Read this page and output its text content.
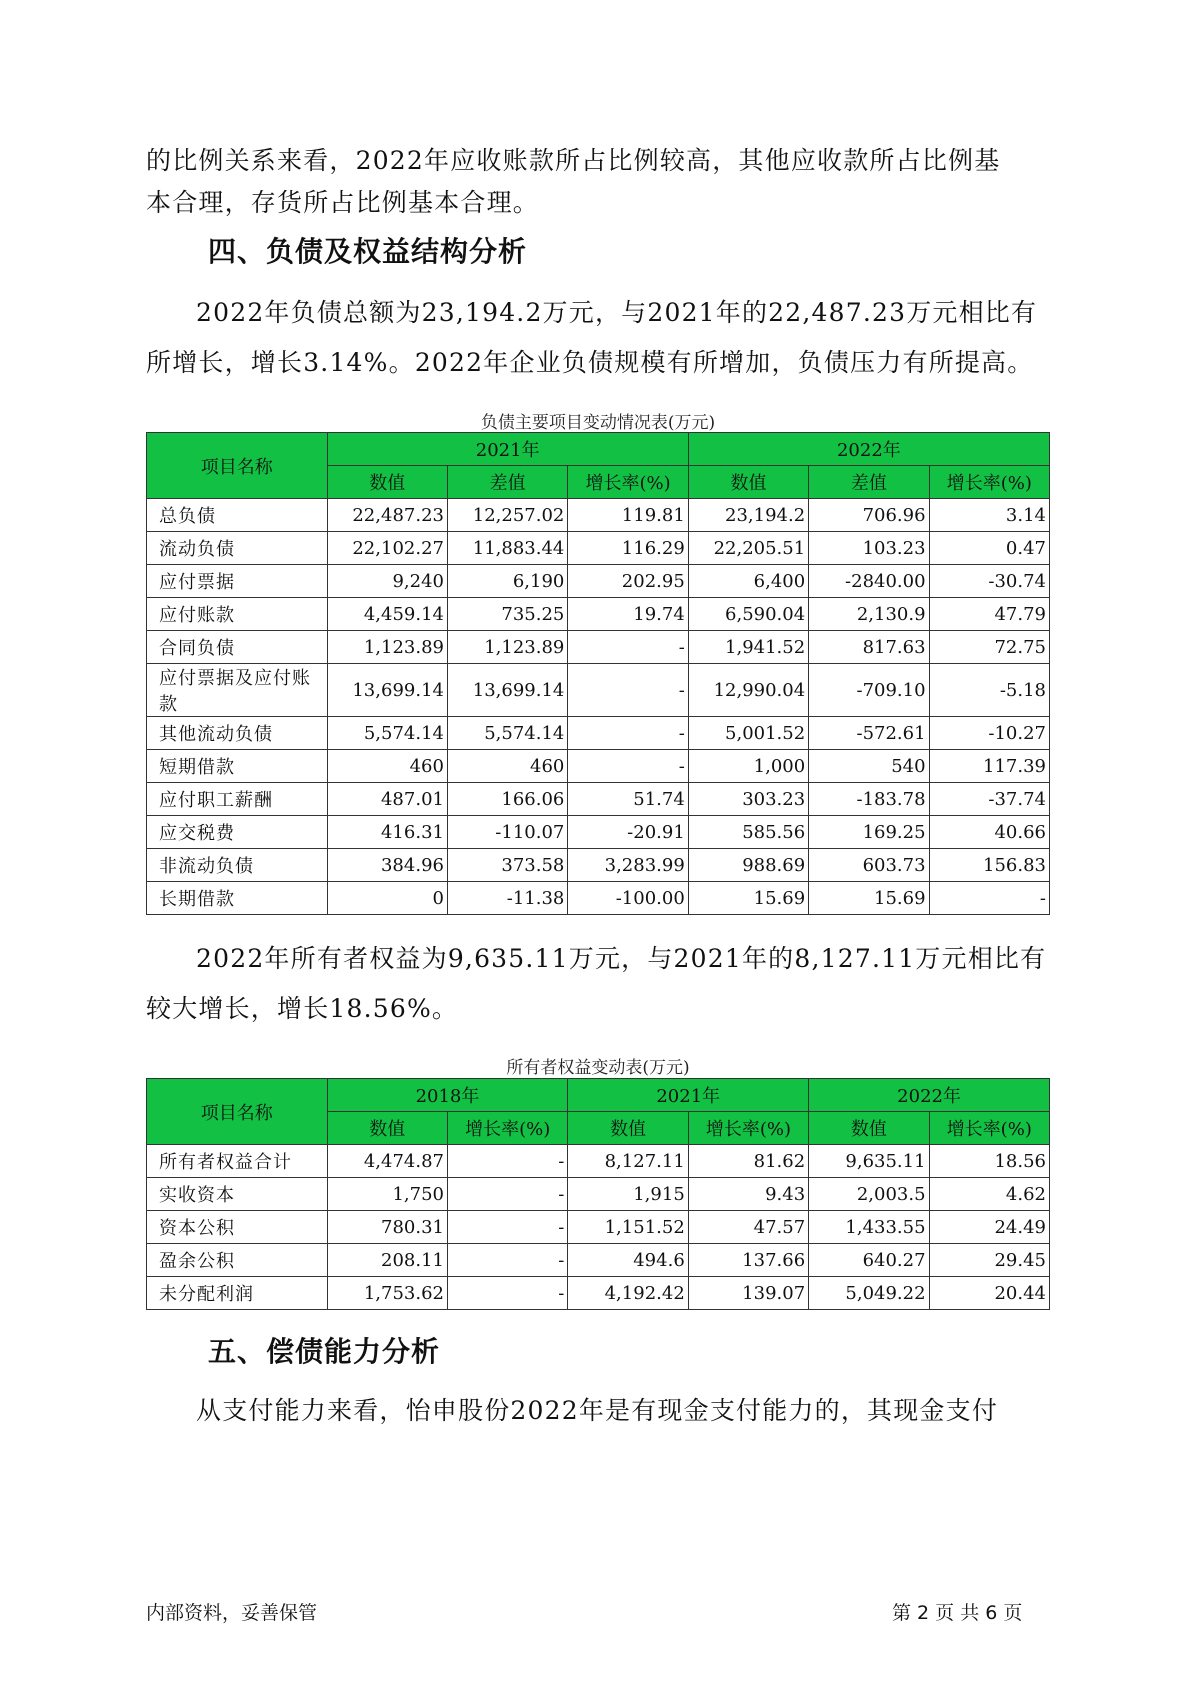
的比例关系来看，2022年应收账款所占比例较高，其他应收款所占比例基

本合理，存货所占比例基本合理。

四、负债及权益结构分析

2022年负债总额为23,194.2万元，与2021年的22,487.23万元相比有所增长，增长3.14%。2022年企业负债规模有所增加，负债压力有所提高。

负债主要项目变动情况表(万元)

项目名称	2021年			2022年		
	数值	差值	增长率(%)	数值	差值	增长率(%)
总负债	22,487.23	12,257.02	119.81	23,194.2	706.96	3.14
流动负债	22,102.27	11,883.44	116.29	22,205.51	103.23	0.47
应付票据	9,240	6,190	202.95	6,400	-2840.00	-30.74
应付账款	4,459.14	735.25	19.74	6,590.04	2,130.9	47.79
合同负债	1,123.89	1,123.89	-	1,941.52	817.63	72.75
应付票据及应付账款	13,699.14	13,699.14	-	12,990.04	-709.10	-5.18
其他流动负债	5,574.14	5,574.14	-	5,001.52	-572.61	-10.27
短期借款	460	460	-	1,000	540	117.39
应付职工薪酬	487.01	166.06	51.74	303.23	-183.78	-37.74
应交税费	416.31	-110.07	-20.91	585.56	169.25	40.66
非流动负债	384.96	373.58	3,283.99	988.69	603.73	156.83
长期借款	0	-11.38	-100.00	15.69	15.69	-

2022年所有者权益为9,635.11万元，与2021年的8,127.11万元相比有较大增长，增长18.56%。

所有者权益变动表(万元)

项目名称	2018年		2021年		2022年	
	数值	增长率(%)	数值	增长率(%)	数值	增长率(%)
所有者权益合计	4,474.87	-	8,127.11	81.62	9,635.11	18.56
实收资本	1,750	-	1,915	9.43	2,003.5	4.62
资本公积	780.31	-	1,151.52	47.57	1,433.55	24.49
盈余公积	208.11	-	494.6	137.66	640.27	29.45
未分配利润	1,753.62	-	4,192.42	139.07	5,049.22	20.44
五、偿债能力分析

从支付能力来看，怡申股份2022年是有现金支付能力的，其现金支付

内部资料，妥善保管	第 2 页 共 6 页
